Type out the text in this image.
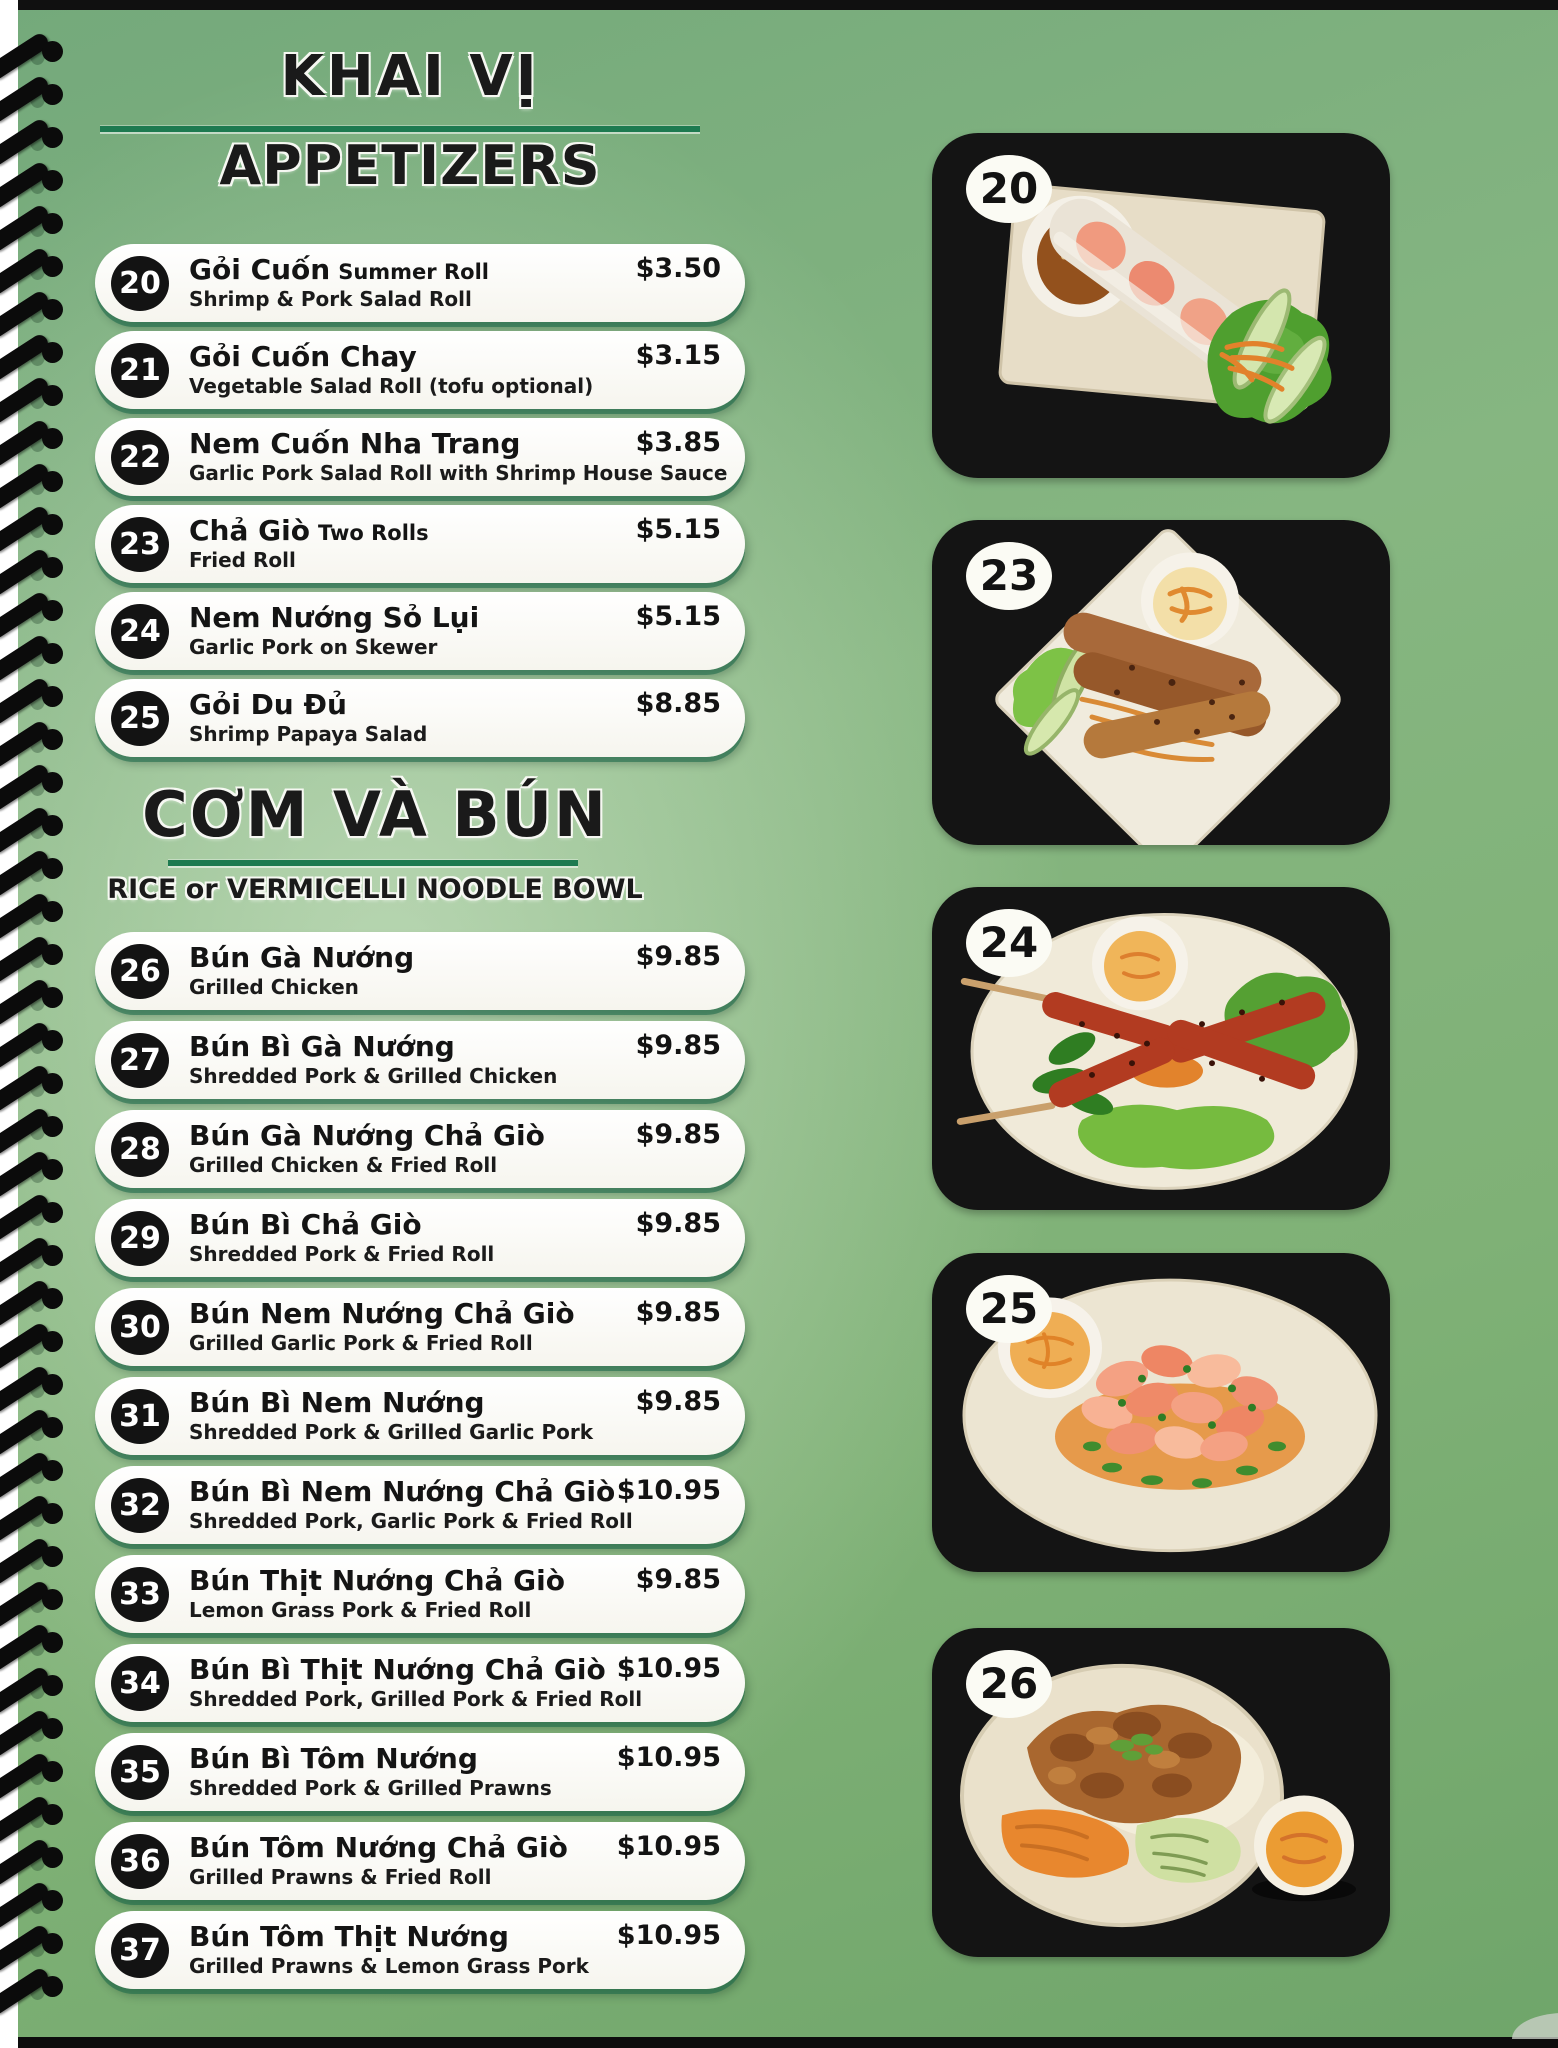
KHAI VỊ
APPETIZERS
20 Gỏi Cuốn Summer Roll
Shrimp & Pork Salad Roll
$3.50
21 Gỏi Cuốn Chay
Vegetable Salad Roll (tofu optional)
$3.15
22 Nem Cuốn Nha Trang
Garlic Pork Salad Roll with Shrimp House Sauce
$3.85
23 Chả Giò Two Rolls
Fried Roll
$5.15
24 Nem Nướng Sỏ Lụi
Garlic Pork on Skewer
$5.15
25 Gỏi Du Đủ
Shrimp Papaya Salad
$8.85
CƠM VÀ BÚN
RICE or VERMICELLI NOODLE BOWL
26 Bún Gà Nướng
Grilled Chicken
$9.85
27 Bún Bì Gà Nướng
Shredded Pork & Grilled Chicken
$9.85
28 Bún Gà Nướng Chả Giò
Grilled Chicken & Fried Roll
$9.85
29 Bún Bì Chả Giò
Shredded Pork & Fried Roll
$9.85
30 Bún Nem Nướng Chả Giò
Grilled Garlic Pork & Fried Roll
$9.85
31 Bún Bì Nem Nướng
Shredded Pork & Grilled Garlic Pork
$9.85
32 Bún Bì Nem Nướng Chả Giò
Shredded Pork, Garlic Pork & Fried Roll
$10.95
33 Bún Thịt Nướng Chả Giò
Lemon Grass Pork & Fried Roll
$9.85
34 Bún Bì Thịt Nướng Chả Giò
Shredded Pork, Grilled Pork & Fried Roll
$10.95
35 Bún Bì Tôm Nướng
Shredded Pork & Grilled Prawns
$10.95
36 Bún Tôm Nướng Chả Giò
Grilled Prawns & Fried Roll
$10.95
37 Bún Tôm Thịt Nướng
Grilled Prawns & Lemon Grass Pork
$10.95
20
23
24
25
26
